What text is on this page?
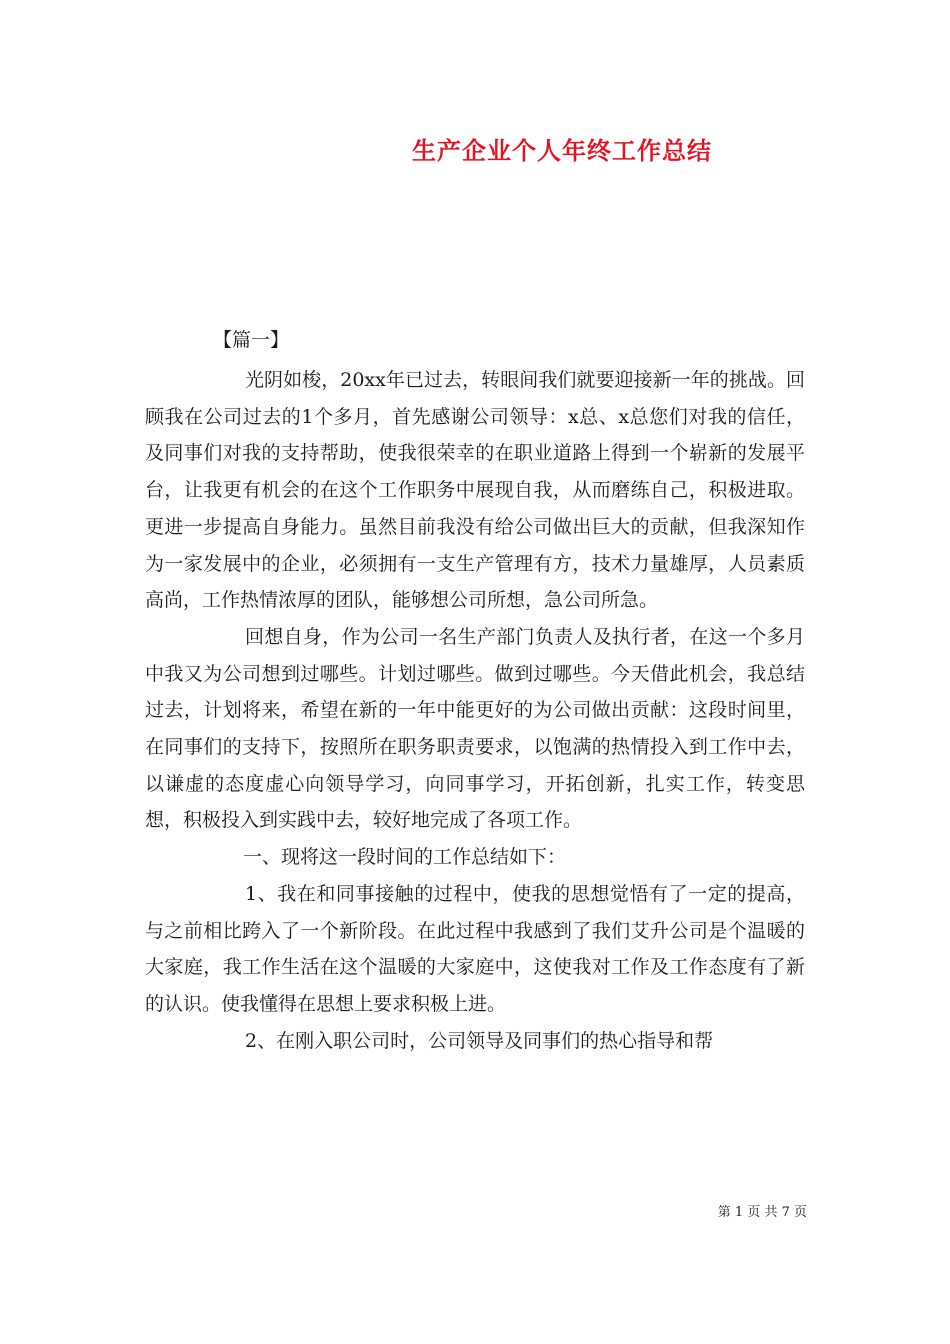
生产企业个人年终工作总结
【篇一】

光阴如梭，20xx年已过去，转眼间我们就要迎接新一年的挑战。回顾我在公司过去的1个多月，首先感谢公司领导：x总、x总您们对我的信任，及同事们对我的支持帮助，使我很荣幸的在职业道路上得到一个崭新的发展平台，让我更有机会的在这个工作职务中展现自我，从而磨练自己，积极进取。更进一步提高自身能力。虽然目前我没有给公司做出巨大的贡献，但我深知作为一家发展中的企业，必须拥有一支生产管理有方，技术力量雄厚，人员素质高尚，工作热情浓厚的团队，能够想公司所想，急公司所急。

回想自身，作为公司一名生产部门负责人及执行者，在这一个多月中我又为公司想到过哪些。计划过哪些。做到过哪些。今天借此机会，我总结过去，计划将来，希望在新的一年中能更好的为公司做出贡献：这段时间里，在同事们的支持下，按照所在职务职责要求，以饱满的热情投入到工作中去，以谦虚的态度虚心向领导学习，向同事学习，开拓创新，扎实工作，转变思想，积极投入到实践中去，较好地完成了各项工作。

一、现将这一段时间的工作总结如下：

1、我在和同事接触的过程中，使我的思想觉悟有了一定的提高，与之前相比跨入了一个新阶段。在此过程中我感到了我们艾升公司是个温暖的大家庭，我工作生活在这个温暖的大家庭中，这使我对工作及工作态度有了新的认识。使我懂得在思想上要求积极上进。

2、在刚入职公司时，公司领导及同事们的热心指导和帮

第 1 页 共 7 页
